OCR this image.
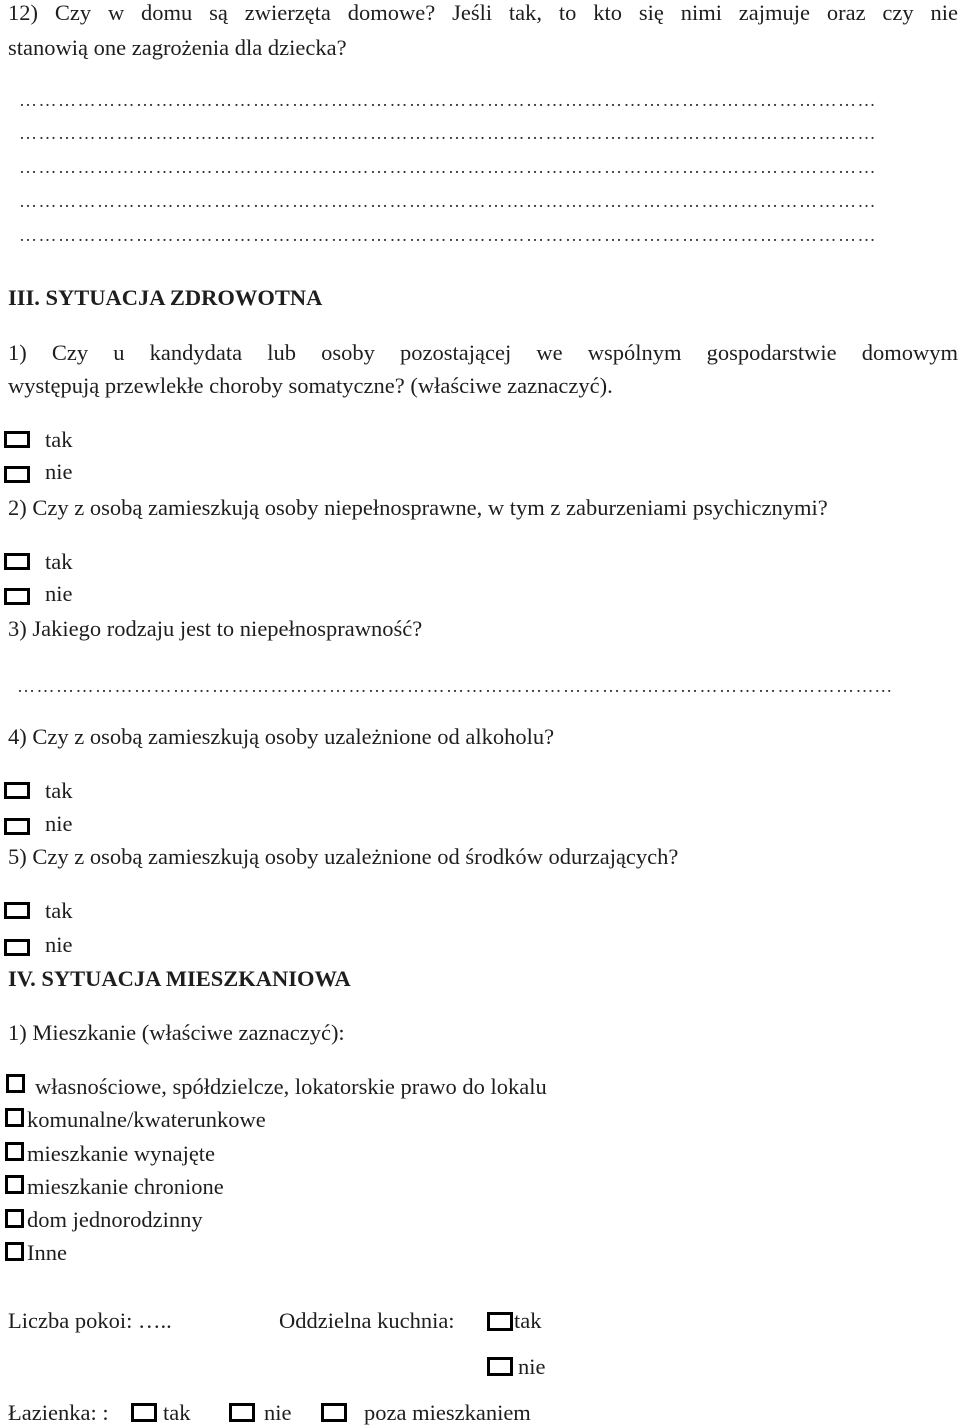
12) Czy w domu są zwierzęta domowe? Jeśli tak, to kto się nimi zajmuje oraz czy nie
stanowią one zagrożenia dla dziecka?
……………………………………………………………………………………………………………………
……………………………………………………………………………………………………………………
……………………………………………………………………………………………………………………
……………………………………………………………………………………………………………………
……………………………………………………………………………………………………………………
III. SYTUACJA ZDROWOTNA
1) Czy u kandydata lub osoby pozostającej we wspólnym gospodarstwie domowym
występują przewlekłe choroby somatyczne? (właściwe zaznaczyć).
tak
nie
2) Czy z osobą zamieszkują osoby niepełnosprawne, w tym z zaburzeniami psychicznymi?
tak
nie
3) Jakiego rodzaju jest to niepełnosprawność?
……………………………………………………………………………………………………………………...
4) Czy z osobą zamieszkują osoby uzależnione od alkoholu?
tak
nie
5) Czy z osobą zamieszkują osoby uzależnione od środków odurzających?
tak
nie
IV. SYTUACJA MIESZKANIOWA
1) Mieszkanie (właściwe zaznaczyć):
własnościowe, spółdzielcze, lokatorskie prawo do lokalu
komunalne/kwaterunkowe
mieszkanie wynajęte
mieszkanie chronione
dom jednorodzinny
Inne
Liczba pokoi: …..	Oddzielna kuchnia:	tak
nie
Łazienka: : tak	nie	poza mieszkaniem
